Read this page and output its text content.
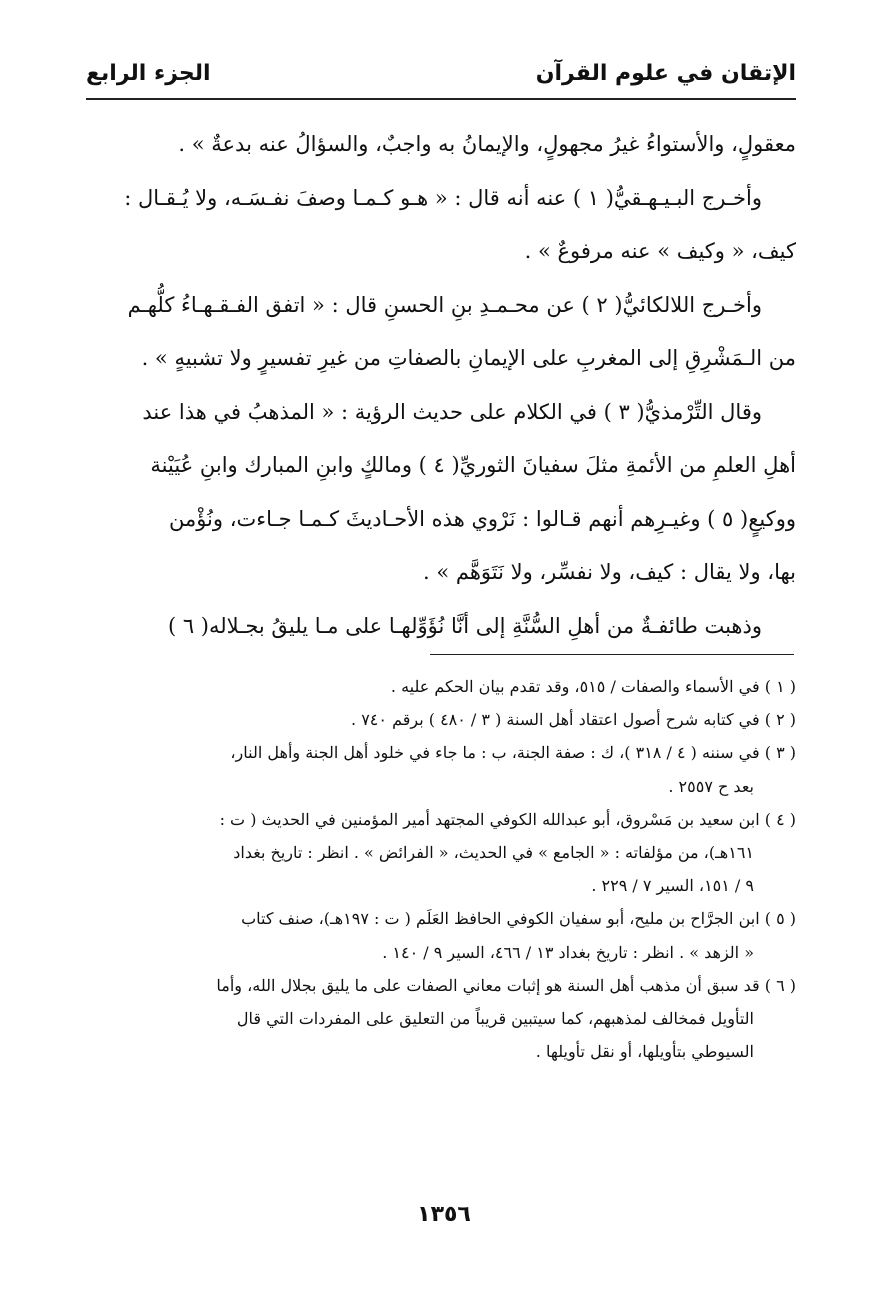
الإتقان في علوم القرآن
الجزء الرابع

معقولٍ، والأستواءُ غيرُ مجهولٍ، والإيمانُ به واجبٌ، والسؤالُ عنه بدعةٌ » .

وأخـرج البـيـهـقيُّ( ١ ) عنه أنه قال : « هـو كـمـا وصفَ نفـسَـه، ولا يُـقـال :

كيف، « وكيف » عنه مرفوعٌ » .

وأخـرج اللالكائيُّ( ٢ ) عن محـمـدِ بنِ الحسنِ قال : « اتفق الفـقـهـاءُ كلُّهـم

من الـمَشْرِقِ إلى المغربِ على الإيمانِ بالصفاتِ من غيرِ تفسيرٍ ولا تشبيهٍ » .

وقال التِّرْمذيُّ( ٣ ) في الكلام على حديث الرؤية : « المذهبُ في هذا عند

أهلِ العلمِ من الأئمةِ مثلَ سفيانَ الثوريِّ( ٤ ) ومالكٍ وابنِ المبارك وابنِ عُيَيْنة

ووكيعٍ( ٥ ) وغيـرِهم أنهم قـالوا : نَرْوي هذه الأحـاديثَ كـمـا جـاءت، ونُؤْمن

بها، ولا يقال : كيف، ولا نفسِّر، ولا نَتَوَهَّم » .

وذهبت طائفـةٌ من أهلِ السُّنَّةِ إلى أنَّا نُؤَوِّلهـا على مـا يليقُ بجـلاله( ٦ )

( ١ ) في الأسماء والصفات / ٥١٥، وقد تقدم بيان الحكم عليه .

( ٢ ) في كتابه شرح أصول اعتقاد أهل السنة ( ٣ / ٤٨٠ ) برقم ٧٤٠ .

( ٣ ) في سننه ( ٤ / ٣١٨ )، ك : صفة الجنة، ب : ما جاء في خلود أهل الجنة وأهل النار،

بعد ح ٢٥٥٧ .

( ٤ ) ابن سعيد بن مَسْروق، أبو عبدالله الكوفي المجتهد أمير المؤمنين في الحديث ( ت :

١٦١هـ)، من مؤلفاته : « الجامع » في الحديث، « الفرائض » . انظر : تاريخ بغداد

٩ / ١٥١، السير ٧ / ٢٢٩ .

( ٥ ) ابن الجرَّاح بن مليح، أبو سفيان الكوفي الحافظ العَلَم ( ت : ١٩٧هـ)، صنف كتاب

« الزهد » . انظر : تاريخ بغداد ١٣ / ٤٦٦، السير ٩ / ١٤٠ .

( ٦ ) قد سبق أن مذهب أهل السنة هو إثبات معاني الصفات على ما يليق بجلال الله، وأما

التأويل فمخالف لمذهبهم، كما سيتبين قريباً من التعليق على المفردات التي قال

السيوطي بتأويلها، أو نقل تأويلها .

١٣٥٦
